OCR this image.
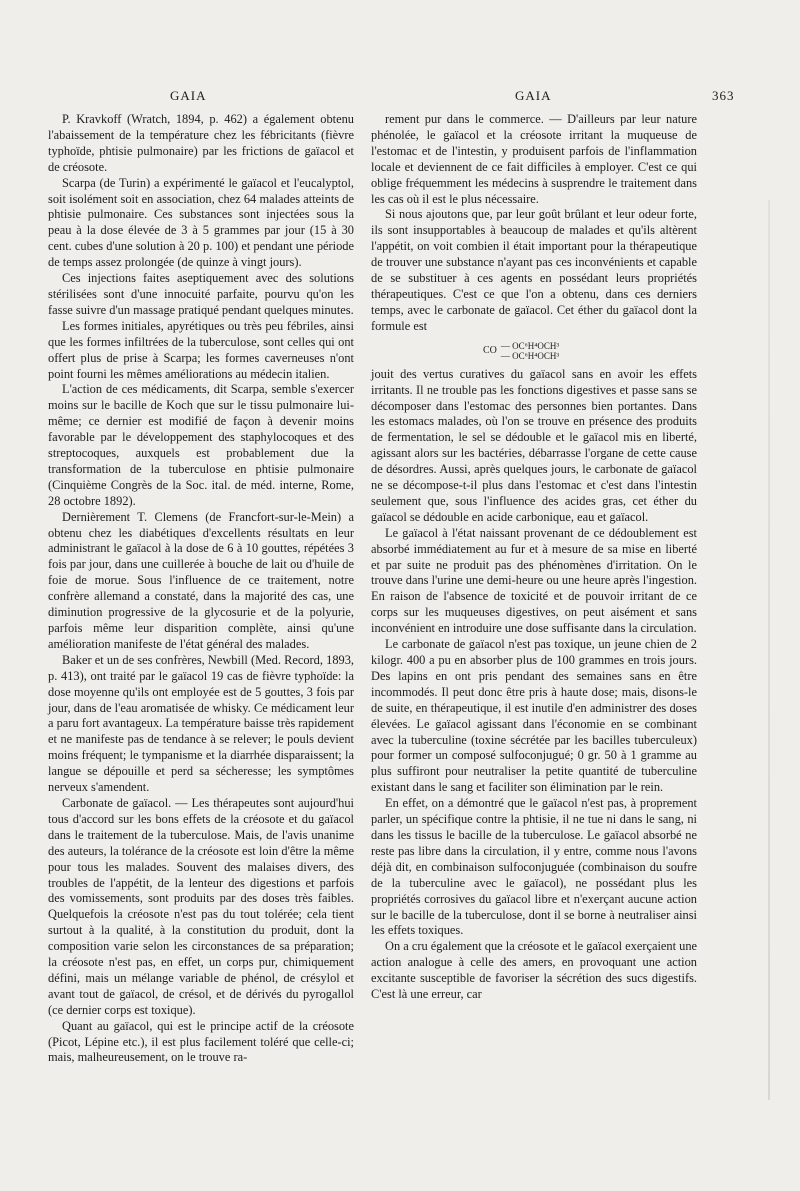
GAIA	GAIA	363

P. Kravkoff (Wratch, 1894, p. 462) a également obtenu l'abaissement de la température chez les fébricitants (fièvre typhoïde, phtisie pulmonaire) par les frictions de gaïacol et de créosote.

Scarpa (de Turin) a expérimenté le gaïacol et l'eucalyptol, soit isolément soit en association, chez 64 malades atteints de phtisie pulmonaire. Ces substances sont injectées sous la peau à la dose élevée de 3 à 5 grammes par jour (15 à 30 cent. cubes d'une solution à 20 p. 100) et pendant une période de temps assez prolongée (de quinze à vingt jours).

Ces injections faites aseptiquement avec des solutions stérilisées sont d'une innocuité parfaite, pourvu qu'on les fasse suivre d'un massage pratiqué pendant quelques minutes.

Les formes initiales, apyrétiques ou très peu fébriles, ainsi que les formes infiltrées de la tuberculose, sont celles qui ont offert plus de prise à Scarpa; les formes caverneuses n'ont point fourni les mêmes améliorations au médecin italien.

L'action de ces médicaments, dit Scarpa, semble s'exercer moins sur le bacille de Koch que sur le tissu pulmonaire lui-même; ce dernier est modifié de façon à devenir moins favorable par le développement des staphylocoques et des streptocoques, auxquels est probablement due la transformation de la tuberculose en phtisie pulmonaire (Cinquième Congrès de la Soc. ital. de méd. interne, Rome, 28 octobre 1892).

Dernièrement T. Clemens (de Francfort-sur-le-Mein) a obtenu chez les diabétiques d'excellents résultats en leur administrant le gaïacol à la dose de 6 à 10 gouttes, répétées 3 fois par jour, dans une cuillerée à bouche de lait ou d'huile de foie de morue. Sous l'influence de ce traitement, notre confrère allemand a constaté, dans la majorité des cas, une diminution progressive de la glycosurie et de la polyurie, parfois même leur disparition complète, ainsi qu'une amélioration manifeste de l'état général des malades.

Baker et un de ses confrères, Newbill (Med. Record, 1893, p. 413), ont traité par le gaïacol 19 cas de fièvre typhoïde: la dose moyenne qu'ils ont employée est de 5 gouttes, 3 fois par jour, dans de l'eau aromatisée de whisky. Ce médicament leur a paru fort avantageux. La température baisse très rapidement et ne manifeste pas de tendance à se relever; le pouls devient moins fréquent; le tympanisme et la diarrhée disparaissent; la langue se dépouille et perd sa sécheresse; les symptômes nerveux s'amendent.

Carbonate de gaïacol. — Les thérapeutes sont aujourd'hui tous d'accord sur les bons effets de la créosote et du gaïacol dans le traitement de la tuberculose. Mais, de l'avis unanime des auteurs, la tolérance de la créosote est loin d'être la même pour tous les malades. Souvent des malaises divers, des troubles de l'appétit, de la lenteur des digestions et parfois des vomissements, sont produits par des doses très faibles. Quelquefois la créosote n'est pas du tout tolérée; cela tient surtout à la qualité, à la constitution du produit, dont la composition varie selon les circonstances de sa préparation; la créosote n'est pas, en effet, un corps pur, chimiquement défini, mais un mélange variable de phénol, de crésylol et avant tout de gaïacol, de crésol, et de dérivés du pyrogallol (ce dernier corps est toxique).

Quant au gaïacol, qui est le principe actif de la créosote (Picot, Lépine etc.), il est plus facilement toléré que celle-ci; mais, malheureusement, on le trouve ra-

rement pur dans le commerce. — D'ailleurs par leur nature phénolée, le gaïacol et la créosote irritant la muqueuse de l'estomac et de l'intestin, y produisent parfois de l'inflammation locale et deviennent de ce fait difficiles à employer. C'est ce qui oblige fréquemment les médecins à susprendre le traitement dans les cas où il est le plus nécessaire.

Si nous ajoutons que, par leur goût brûlant et leur odeur forte, ils sont insupportables à beaucoup de malades et qu'ils altèrent l'appétit, on voit combien il était important pour la thérapeutique de trouver une substance n'ayant pas ces inconvénients et capable de se substituer à ces agents en possédant leurs propriétés thérapeutiques. C'est ce que l'on a obtenu, dans ces derniers temps, avec le carbonate de gaïacol. Cet éther du gaïacol dont la formule est

CO — OC⁶H⁴OCH³
— OC⁶H⁴OCH³

jouit des vertus curatives du gaïacol sans en avoir les effets irritants. Il ne trouble pas les fonctions digestives et passe sans se décomposer dans l'estomac des personnes bien portantes. Dans les estomacs malades, où l'on se trouve en présence des produits de fermentation, le sel se dédouble et le gaïacol mis en liberté, agissant alors sur les bactéries, débarrasse l'organe de cette cause de désordres. Aussi, après quelques jours, le carbonate de gaïacol ne se décompose-t-il plus dans l'estomac et c'est dans l'intestin seulement que, sous l'influence des acides gras, cet éther du gaïacol se dédouble en acide carbonique, eau et gaïacol.

Le gaïacol à l'état naissant provenant de ce dédoublement est absorbé immédiatement au fur et à mesure de sa mise en liberté et par suite ne produit pas des phénomènes d'irritation. On le trouve dans l'urine une demi-heure ou une heure après l'ingestion. En raison de l'absence de toxicité et de pouvoir irritant de ce corps sur les muqueuses digestives, on peut aisément et sans inconvénient en introduire une dose suffisante dans la circulation.

Le carbonate de gaïacol n'est pas toxique, un jeune chien de 2 kilogr. 400 a pu en absorber plus de 100 grammes en trois jours. Des lapins en ont pris pendant des semaines sans en être incommodés. Il peut donc être pris à haute dose; mais, disons-le de suite, en thérapeutique, il est inutile d'en administrer des doses élevées. Le gaïacol agissant dans l'économie en se combinant avec la tuberculine (toxine sécrétée par les bacilles tuberculeux) pour former un composé sulfoconjugué; 0 gr. 50 à 1 gramme au plus suffiront pour neutraliser la petite quantité de tuberculine existant dans le sang et faciliter son élimination par le rein.

En effet, on a démontré que le gaïacol n'est pas, à proprement parler, un spécifique contre la phtisie, il ne tue ni dans le sang, ni dans les tissus le bacille de la tuberculose. Le gaïacol absorbé ne reste pas libre dans la circulation, il y entre, comme nous l'avons déjà dit, en combinaison sulfoconjuguée (combinaison du soufre de la tuberculine avec le gaïacol), ne possédant plus les propriétés corrosives du gaïacol libre et n'exerçant aucune action sur le bacille de la tuberculose, dont il se borne à neutraliser ainsi les effets toxiques.

On a cru également que la créosote et le gaïacol exerçaient une action analogue à celle des amers, en provoquant une action excitante susceptible de favoriser la sécrétion des sucs digestifs. C'est là une erreur, car
